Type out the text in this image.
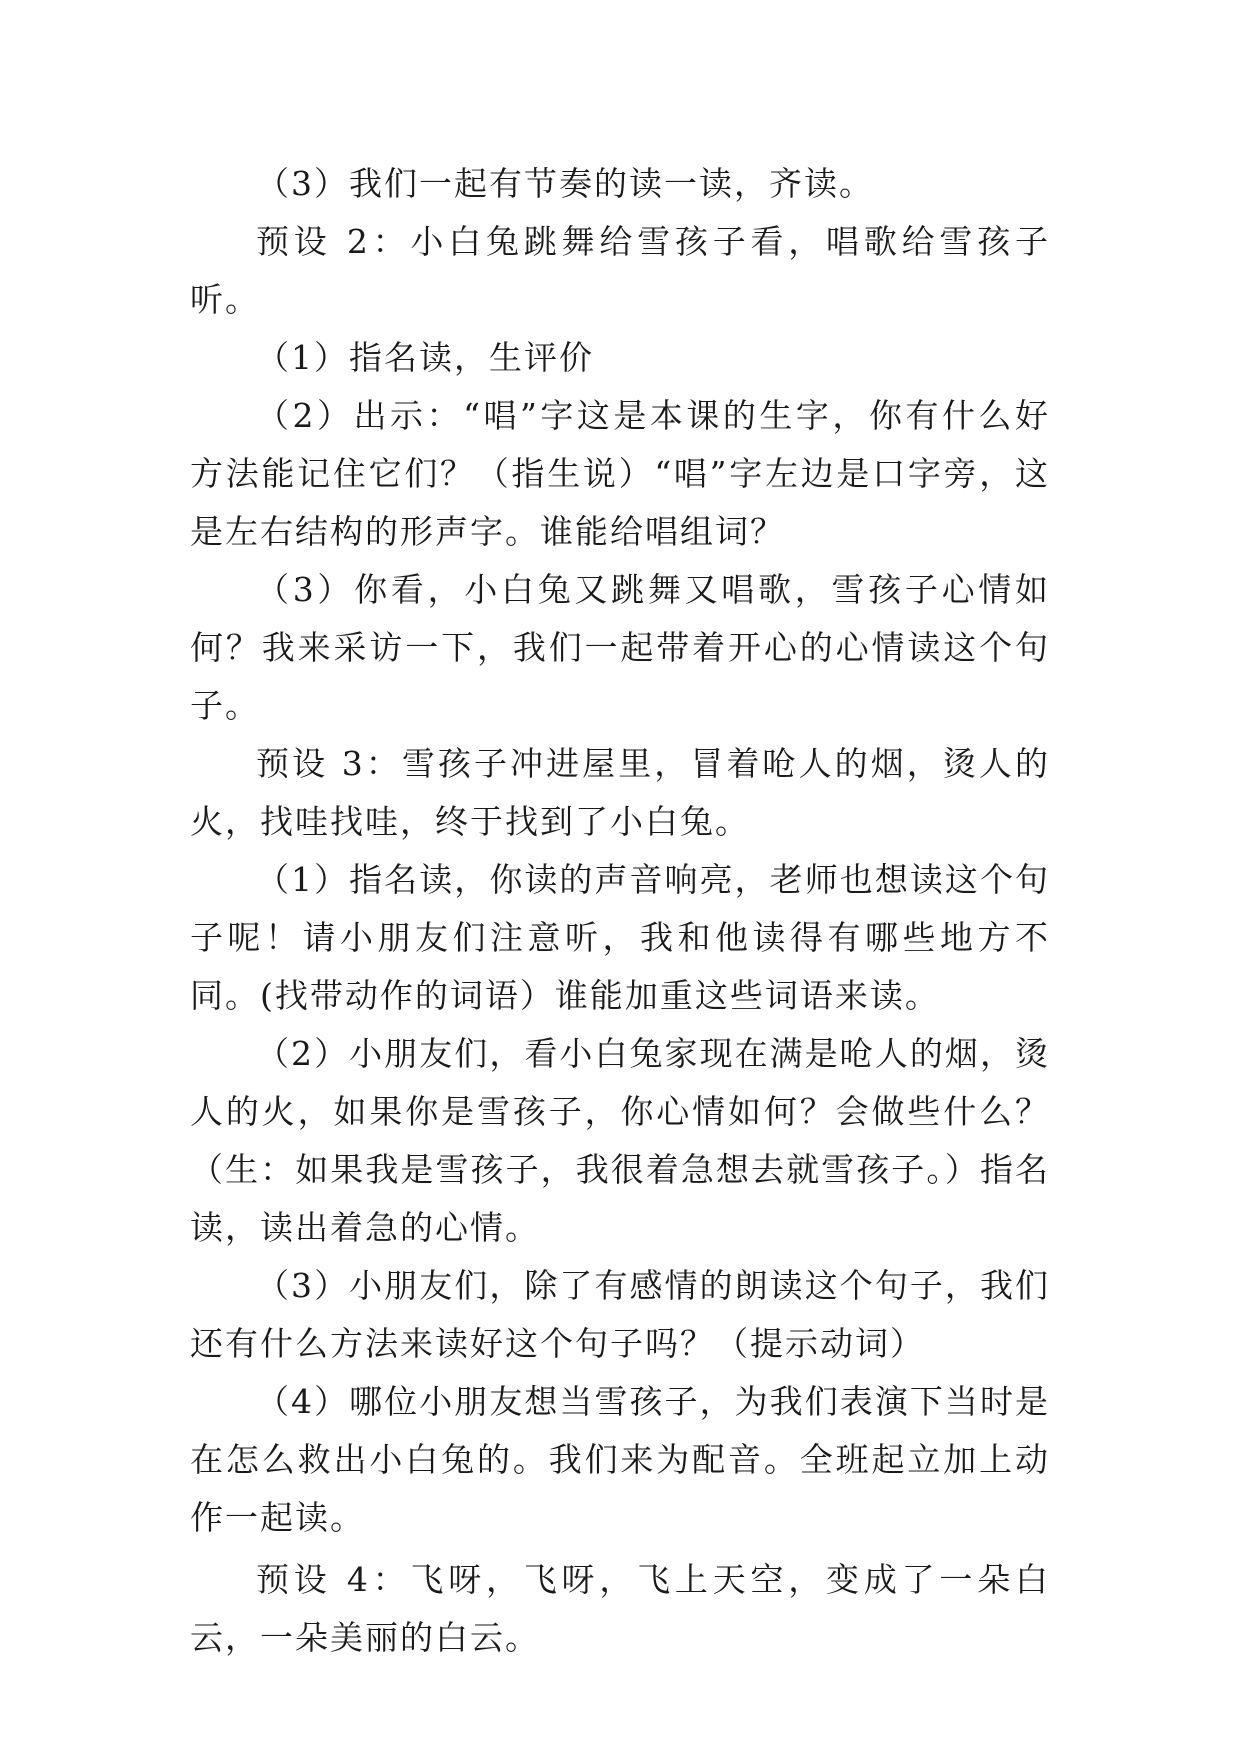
（3）我们一起有节奏的读一读，齐读。

预设 2：小白兔跳舞给雪孩子看，唱歌给雪孩子听。

（1）指名读，生评价

（2）出示：“唱”字这是本课的生字，你有什么好方法能记住它们？（指生说）“唱”字左边是口字旁，这是左右结构的形声字。谁能给唱组词？

（3）你看，小白兔又跳舞又唱歌，雪孩子心情如何？我来采访一下，我们一起带着开心的心情读这个句子。

预设 3：雪孩子冲进屋里，冒着呛人的烟，烫人的火，找哇找哇，终于找到了小白兔。

（1）指名读，你读的声音响亮，老师也想读这个句子呢！请小朋友们注意听，我和他读得有哪些地方不同。(找带动作的词语）谁能加重这些词语来读。

（2）小朋友们，看小白兔家现在满是呛人的烟，烫人的火，如果你是雪孩子，你心情如何？会做些什么？（生：如果我是雪孩子，我很着急想去就雪孩子。）指名读，读出着急的心情。

（3）小朋友们，除了有感情的朗读这个句子，我们还有什么方法来读好这个句子吗？（提示动词）

（4）哪位小朋友想当雪孩子，为我们表演下当时是在怎么救出小白兔的。我们来为配音。全班起立加上动作一起读。

预设 4：飞呀，飞呀，飞上天空，变成了一朵白云，一朵美丽的白云。
